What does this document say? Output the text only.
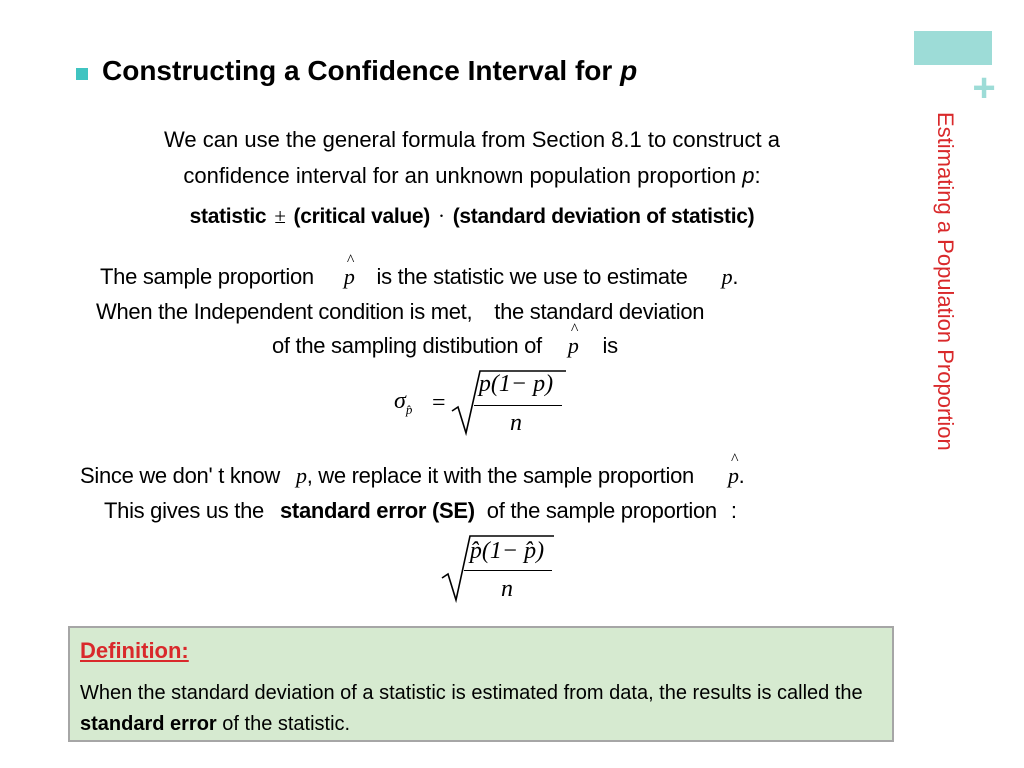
+
Estimating a Population Proportion
Constructing a Confidence Interval for p
We can use the general formula from Section 8.1 to construct a
confidence interval for an unknown population proportion p:
statistic ± (critical value) · (standard deviation of statistic)
The sample proportion ^ p is the statistic we use to estimate p.
When the Independent condition is met, the standard deviation
of the sampling distibution of ^ p is
$\sigma_{p̂}$ =
p(1− p)
n
Since we don' t know p, we replace it with the sample proportion ^ p.
This gives us the standard error (SE) of the sample proportion :
p̂(1− p̂)
n
Definition:
When the standard deviation of a statistic is estimated from data, the results is called the standard error of the statistic.
